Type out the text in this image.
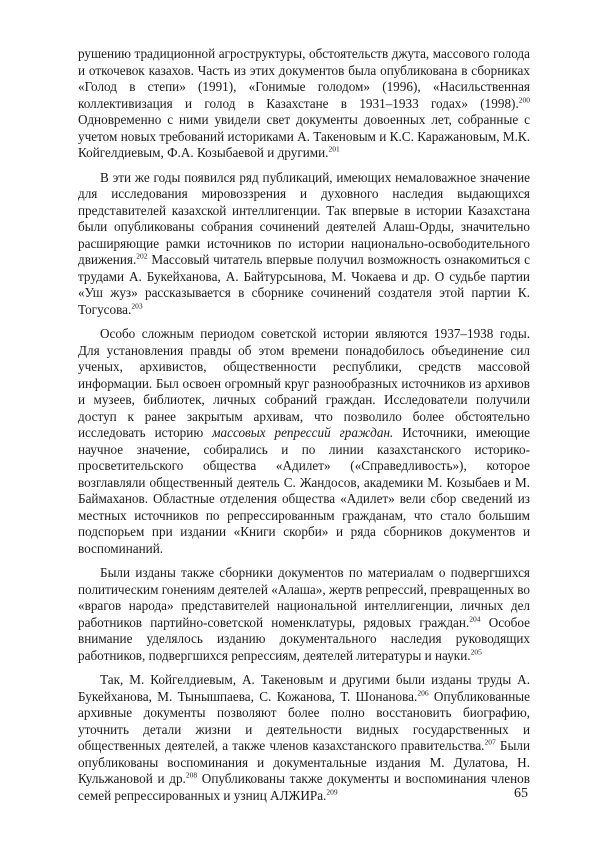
рушению традиционной агроструктуры, обстоятельств джута, массового голода и откочевок казахов. Часть из этих документов была опубликована в сборниках «Голод в степи» (1991), «Гонимые голодом» (1996), «Насильственная коллективизация и голод в Казахстане в 1931–1933 годах» (1998).$^{200}$ Одновременно с ними увидели свет документы довоенных лет, собранные с учетом новых требований историками А. Такеновым и К.С. Каражановым, М.К. Койгелдиевым, Ф.А. Козыбаевой и другими.$^{201}$

В эти же годы появился ряд публикаций, имеющих немаловажное значение для исследования мировоззрения и духовного наследия выдающихся представителей казахской интеллигенции. Так впервые в истории Казахстана были опубликованы собрания сочинений деятелей Алаш-Орды, значительно расширяющие рамки источников по истории национально-освободительного движения.$^{202}$ Массовый читатель впервые получил возможность ознакомиться с трудами А. Букейханова, А. Байтурсынова, М. Чокаева и др. О судьбе партии «Уш жуз» рассказывается в сборнике сочинений создателя этой партии К. Тогусова.$^{203}$

Особо сложным периодом советской истории являются 1937–1938 годы. Для установления правды об этом времени понадобилось объединение сил ученых, архивистов, общественности республики, средств массовой информации. Был освоен огромный круг разнообразных источников из архивов и музеев, библиотек, личных собраний граждан. Исследователи получили доступ к ранее закрытым архивам, что позволило более обстоятельно исследовать историю массовых репрессий граждан. Источники, имеющие научное значение, собирались и по линии казахстанского историко-просветительского общества «Адилет» («Справедливость»), которое возглавляли общественный деятель С. Жандосов, академики М. Козыбаев и М. Баймаханов. Областные отделения общества «Адилет» вели сбор сведений из местных источников по репрессированным гражданам, что стало большим подспорьем при издании «Книги скорби» и ряда сборников документов и воспоминаний.

Были изданы также сборники документов по материалам о подвергшихся политическим гонениям деятелей «Алаша», жертв репрессий, превращенных во «врагов народа» представителей национальной интеллигенции, личных дел работников партийно-советской номенклатуры, рядовых граждан.$^{204}$ Особое внимание уделялось изданию документального наследия руководящих работников, подвергшихся репрессиям, деятелей литературы и науки.$^{205}$

Так, М. Койгелдиевым, А. Такеновым и другими были изданы труды А. Букейханова, М. Тынышпаева, С. Кожанова, Т. Шонанова.$^{206}$ Опубликованные архивные документы позволяют более полно восстановить биографию, уточнить детали жизни и деятельности видных государственных и общественных деятелей, а также членов казахстанского правительства.$^{207}$ Были опубликованы воспоминания и документальные издания М. Дулатова, Н. Кульжановой и др.$^{208}$ Опубликованы также документы и воспоминания членов семей репрессированных и узниц АЛЖИРа.$^{209}$	65
